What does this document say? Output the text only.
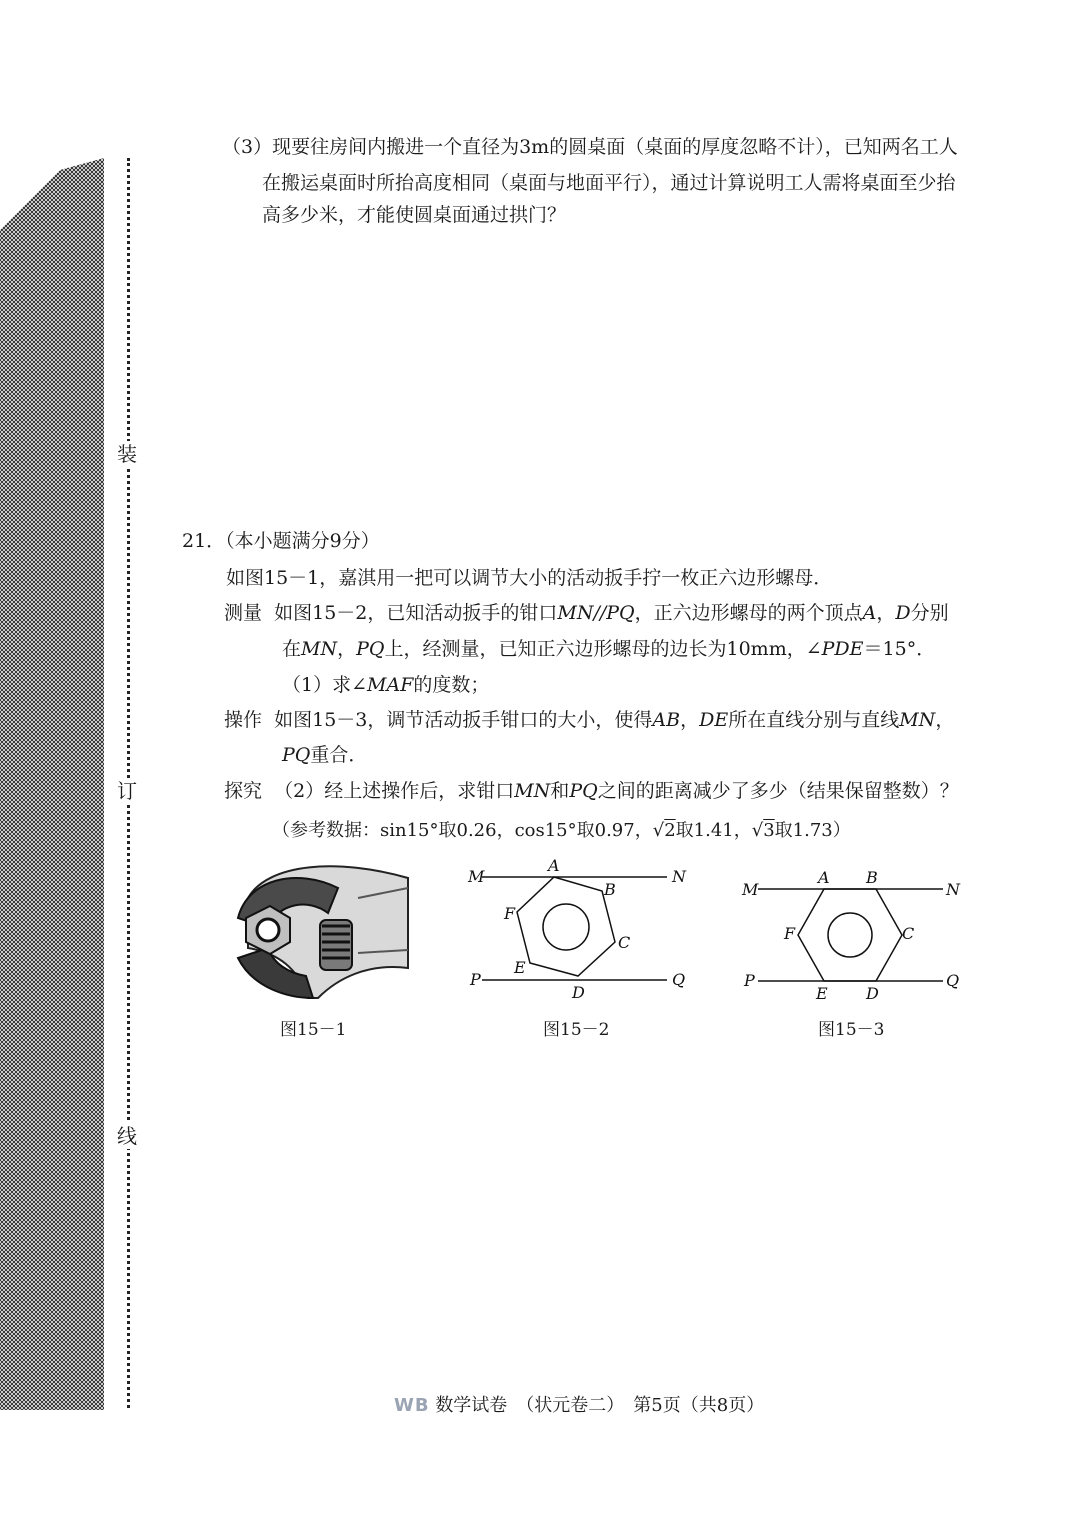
装
订
线
（3）现要往房间内搬进一个直径为3m的圆桌面（桌面的厚度忽略不计），已知两名工人
在搬运桌面时所抬高度相同（桌面与地面平行），通过计算说明工人需将桌面至少抬
高多少米，才能使圆桌面通过拱门？
21．（本小题满分9分）
如图15－1，嘉淇用一把可以调节大小的活动扳手拧一枚正六边形螺母．
测量 如图15－2，已知活动扳手的钳口MN//PQ，正六边形螺母的两个顶点A，D分别
在MN，PQ上，经测量，已知正六边形螺母的边长为10mm，∠PDE＝15°．
（1）求∠MAF的度数；
操作 如图15－3，调节活动扳手钳口的大小，使得AB，DE所在直线分别与直线MN，
PQ重合．
探究 （2）经上述操作后，求钳口MN和PQ之间的距离减少了多少（结果保留整数）？
（参考数据：sin15°取0.26，cos15°取0.97，√2取1.41，√3取1.73）
图15－1
M	N
P	Q
A
B
C
D
E
F
图15－2
M	N
P	Q
A B
C
D
E
F
图15－3
WB 数学试卷　（状元卷二）　第5页（共8页）
